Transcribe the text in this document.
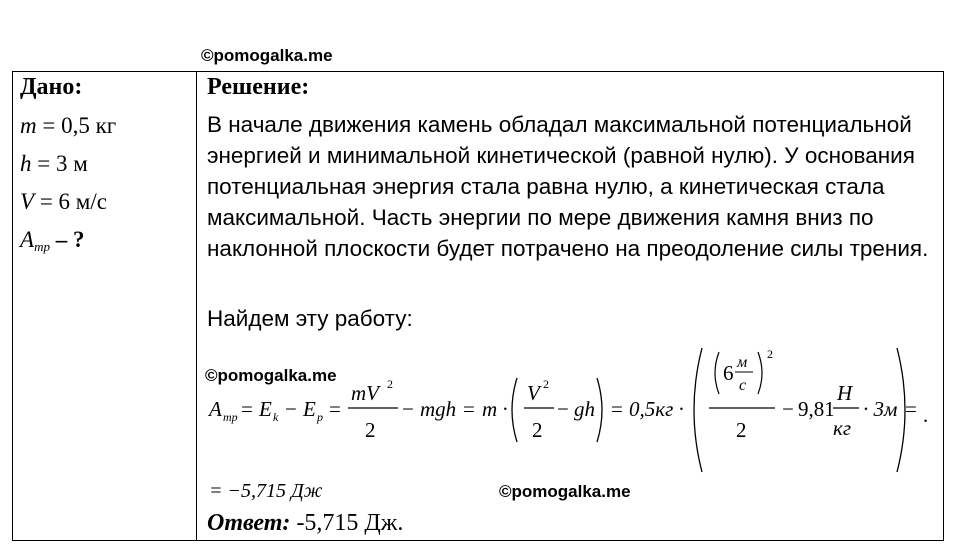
©pomogalka.me
Дано:
m = 0,5 кг
h = 3 м
V = 6 м/с
$A_{тр}$ – ?
Решение:

В начале движения камень обладал максимальной потенциальной энергией и минимальной кинетической (равной нулю). У основания потенциальная энергия стала равна нулю, а кинетическая стала максимальной. Часть энергии по мере движения камня вниз по наклонной плоскости будет потрачено на преодоление силы трения.

Найдем эту работу:
©pomogalka.me
A тр = E k − E p =
mV 2
2
− mgh = m ·
V 2
2
− gh = 0,5кг ·
6 м
с
2
2
− 9,81
Н
кг
· 3м = .
= −5,715 Дж	©pomogalka.me
Ответ: -5,715 Дж.
